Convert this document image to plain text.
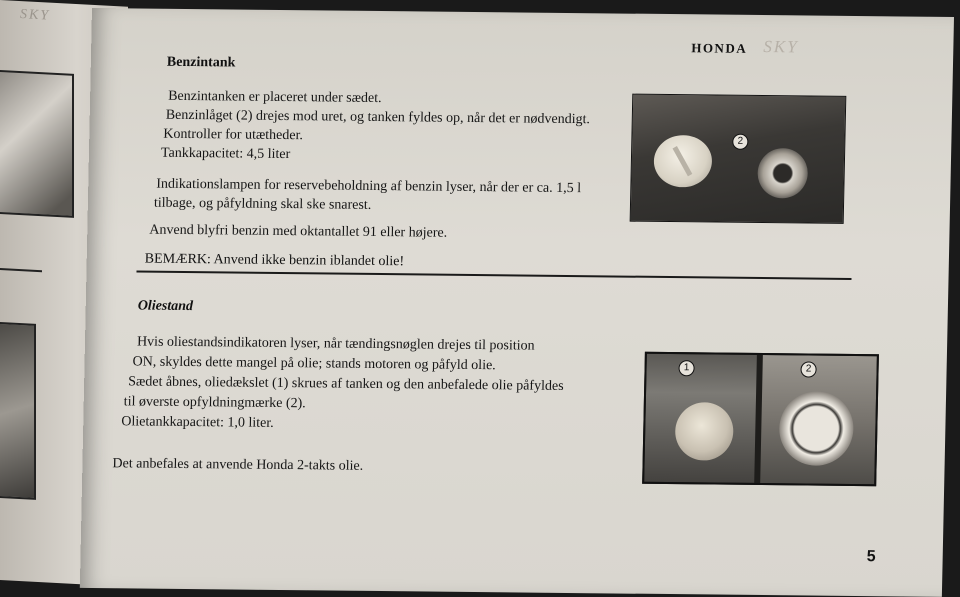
SKY
HONDA SKY
Benzintank
Benzintanken er placeret under sædet.
Benzinlåget (2) drejes mod uret, og tanken fyldes op, når det er nødvendigt.
Kontroller for utætheder.
Tankkapacitet: 4,5 liter
Indikationslampen for reservebeholdning af benzin lyser, når der er ca. 1,5 l
tilbage, og påfyldning skal ske snarest.
Anvend blyfri benzin med oktantallet 91 eller højere.
BEMÆRK: Anvend ikke benzin iblandet olie!
2
Oliestand
Hvis oliestandsindikatoren lyser, når tændingsnøglen drejes til position
ON, skyldes dette mangel på olie; stands motoren og påfyld olie.
Sædet åbnes, oliedækslet (1) skrues af tanken og den anbefalede olie påfyldes
til øverste opfyldningmærke (2).
Olietankkapacitet: 1,0 liter.
Det anbefales at anvende Honda 2-takts olie.
1	2
5
